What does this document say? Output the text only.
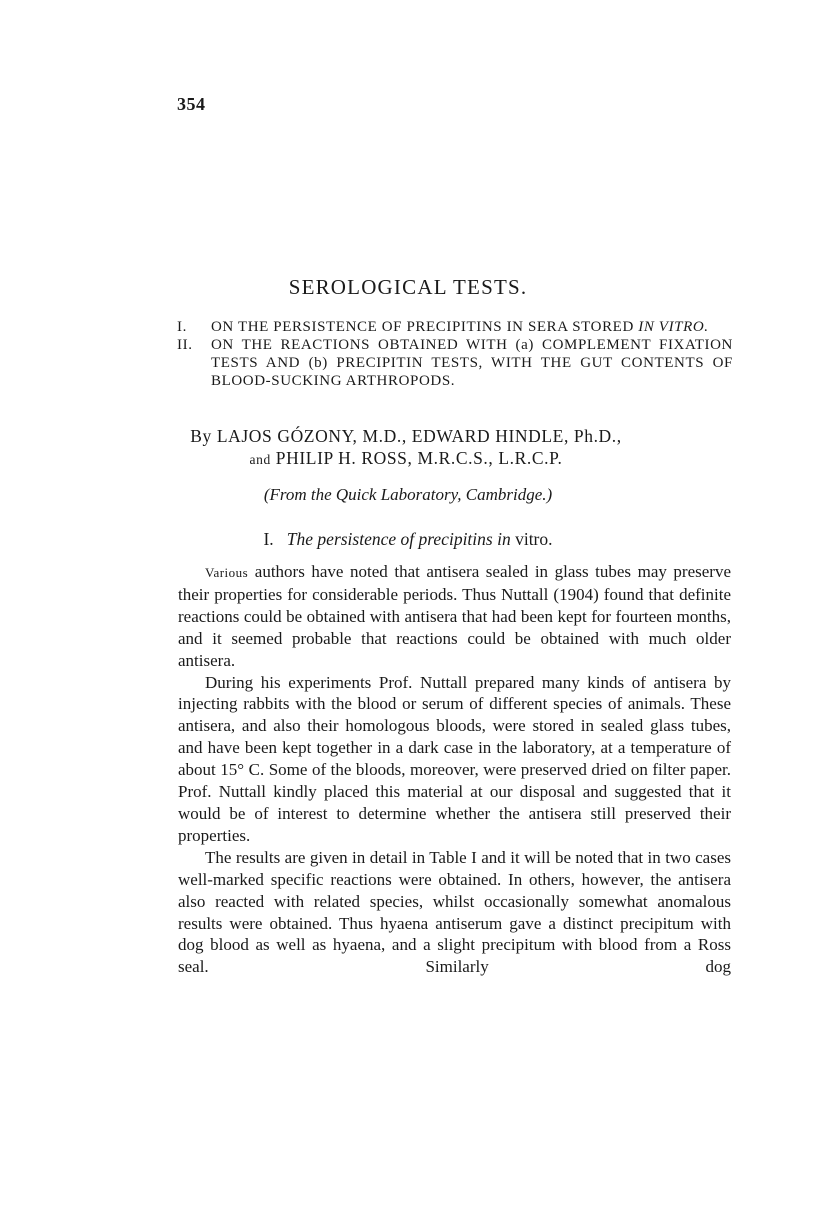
354
SEROLOGICAL TESTS.
I.	ON THE PERSISTENCE OF PRECIPITINS IN SERA STORED IN VITRO.
II.	ON THE REACTIONS OBTAINED WITH (a) COMPLEMENT FIXATION TESTS AND (b) PRECIPITIN TESTS, WITH THE GUT CONTENTS OF BLOOD-SUCKING ARTHROPODS.
By LAJOS GÓZONY, M.D., EDWARD HINDLE, Ph.D.,
and PHILIP H. ROSS, M.R.C.S., L.R.C.P.
(From the Quick Laboratory, Cambridge.)
I. The persistence of precipitins in vitro.

Various authors have noted that antisera sealed in glass tubes may preserve their properties for considerable periods. Thus Nuttall (1904) found that definite reactions could be obtained with antisera that had been kept for fourteen months, and it seemed probable that reactions could be obtained with much older antisera.

During his experiments Prof. Nuttall prepared many kinds of antisera by injecting rabbits with the blood or serum of different species of animals. These antisera, and also their homologous bloods, were stored in sealed glass tubes, and have been kept together in a dark case in the laboratory, at a temperature of about 15° C. Some of the bloods, moreover, were preserved dried on filter paper. Prof. Nuttall kindly placed this material at our disposal and suggested that it would be of interest to determine whether the antisera still preserved their properties.

The results are given in detail in Table I and it will be noted that in two cases well-marked specific reactions were obtained. In others, however, the antisera also reacted with related species, whilst occasionally somewhat anomalous results were obtained. Thus hyaena antiserum gave a distinct precipitum with dog blood as well as hyaena, and a slight precipitum with blood from a Ross seal. Similarly dog
